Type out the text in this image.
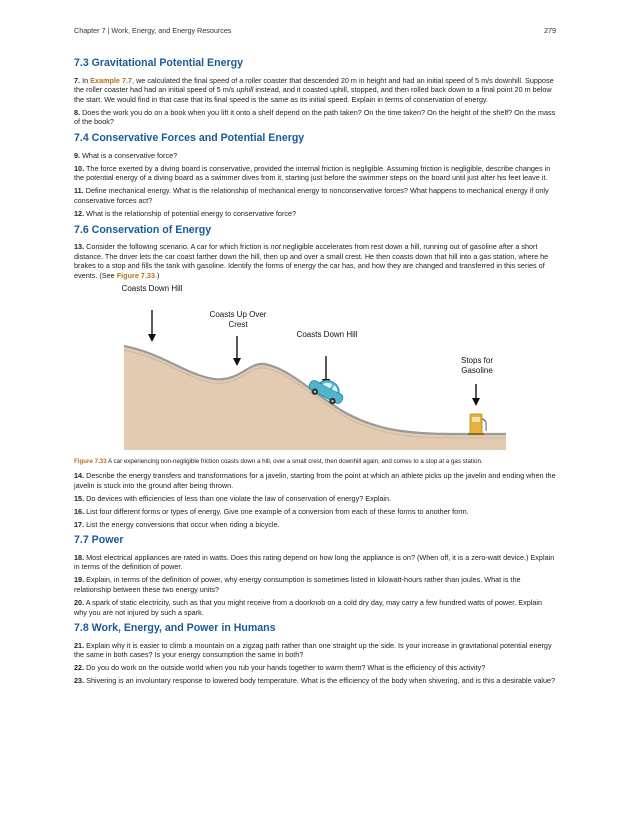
Chapter 7 | Work, Energy, and Energy Resources	279
7.3 Gravitational Potential Energy

7. In Example 7.7, we calculated the final speed of a roller coaster that descended 20 m in height and had an initial speed of 5 m/s downhill. Suppose the roller coaster had had an initial speed of 5 m/s uphill instead, and it coasted uphill, stopped, and then rolled back down to a final point 20 m below the start. We would find in that case that its final speed is the same as its initial speed. Explain in terms of conservation of energy.

8. Does the work you do on a book when you lift it onto a shelf depend on the path taken? On the time taken? On the height of the shelf? On the mass of the book?

7.4 Conservative Forces and Potential Energy

9. What is a conservative force?

10. The force exerted by a diving board is conservative, provided the internal friction is negligible. Assuming friction is negligible, describe changes in the potential energy of a diving board as a swimmer dives from it, starting just before the swimmer steps on the board until just after his feet leave it.

11. Define mechanical energy. What is the relationship of mechanical energy to nonconservative forces? What happens to mechanical energy if only conservative forces act?

12. What is the relationship of potential energy to conservative force?

7.6 Conservation of Energy

13. Consider the following scenario. A car for which friction is not negligible accelerates from rest down a hill, running out of gasoline after a short distance. The driver lets the car coast farther down the hill, then up and over a small crest. He then coasts down that hill into a gas station, where he brakes to a stop and fills the tank with gasoline. Identify the forms of energy the car has, and how they are changed and transferred in this series of events. (See Figure 7.33.)

Coasts Down Hill
Coasts Up Over Crest
Coasts Down Hill
Stops for Gasoline

Figure 7.33 A car experiencing non-negligible friction coasts down a hill, over a small crest, then downhill again, and comes to a stop at a gas station.

14. Describe the energy transfers and transformations for a javelin, starting from the point at which an athlete picks up the javelin and ending when the javelin is stuck into the ground after being thrown.

15. Do devices with efficiencies of less than one violate the law of conservation of energy? Explain.

16. List four different forms or types of energy. Give one example of a conversion from each of these forms to another form.

17. List the energy conversions that occur when riding a bicycle.

7.7 Power

18. Most electrical appliances are rated in watts. Does this rating depend on how long the appliance is on? (When off, it is a zero-watt device.) Explain in terms of the definition of power.

19. Explain, in terms of the definition of power, why energy consumption is sometimes listed in kilowatt-hours rather than joules. What is the relationship between these two energy units?

20. A spark of static electricity, such as that you might receive from a doorknob on a cold dry day, may carry a few hundred watts of power. Explain why you are not injured by such a spark.

7.8 Work, Energy, and Power in Humans

21. Explain why it is easier to climb a mountain on a zigzag path rather than one straight up the side. Is your increase in gravitational potential energy the same in both cases? Is your energy consumption the same in both?

22. Do you do work on the outside world when you rub your hands together to warm them? What is the efficiency of this activity?

23. Shivering is an involuntary response to lowered body temperature. What is the efficiency of the body when shivering, and is this a desirable value?
